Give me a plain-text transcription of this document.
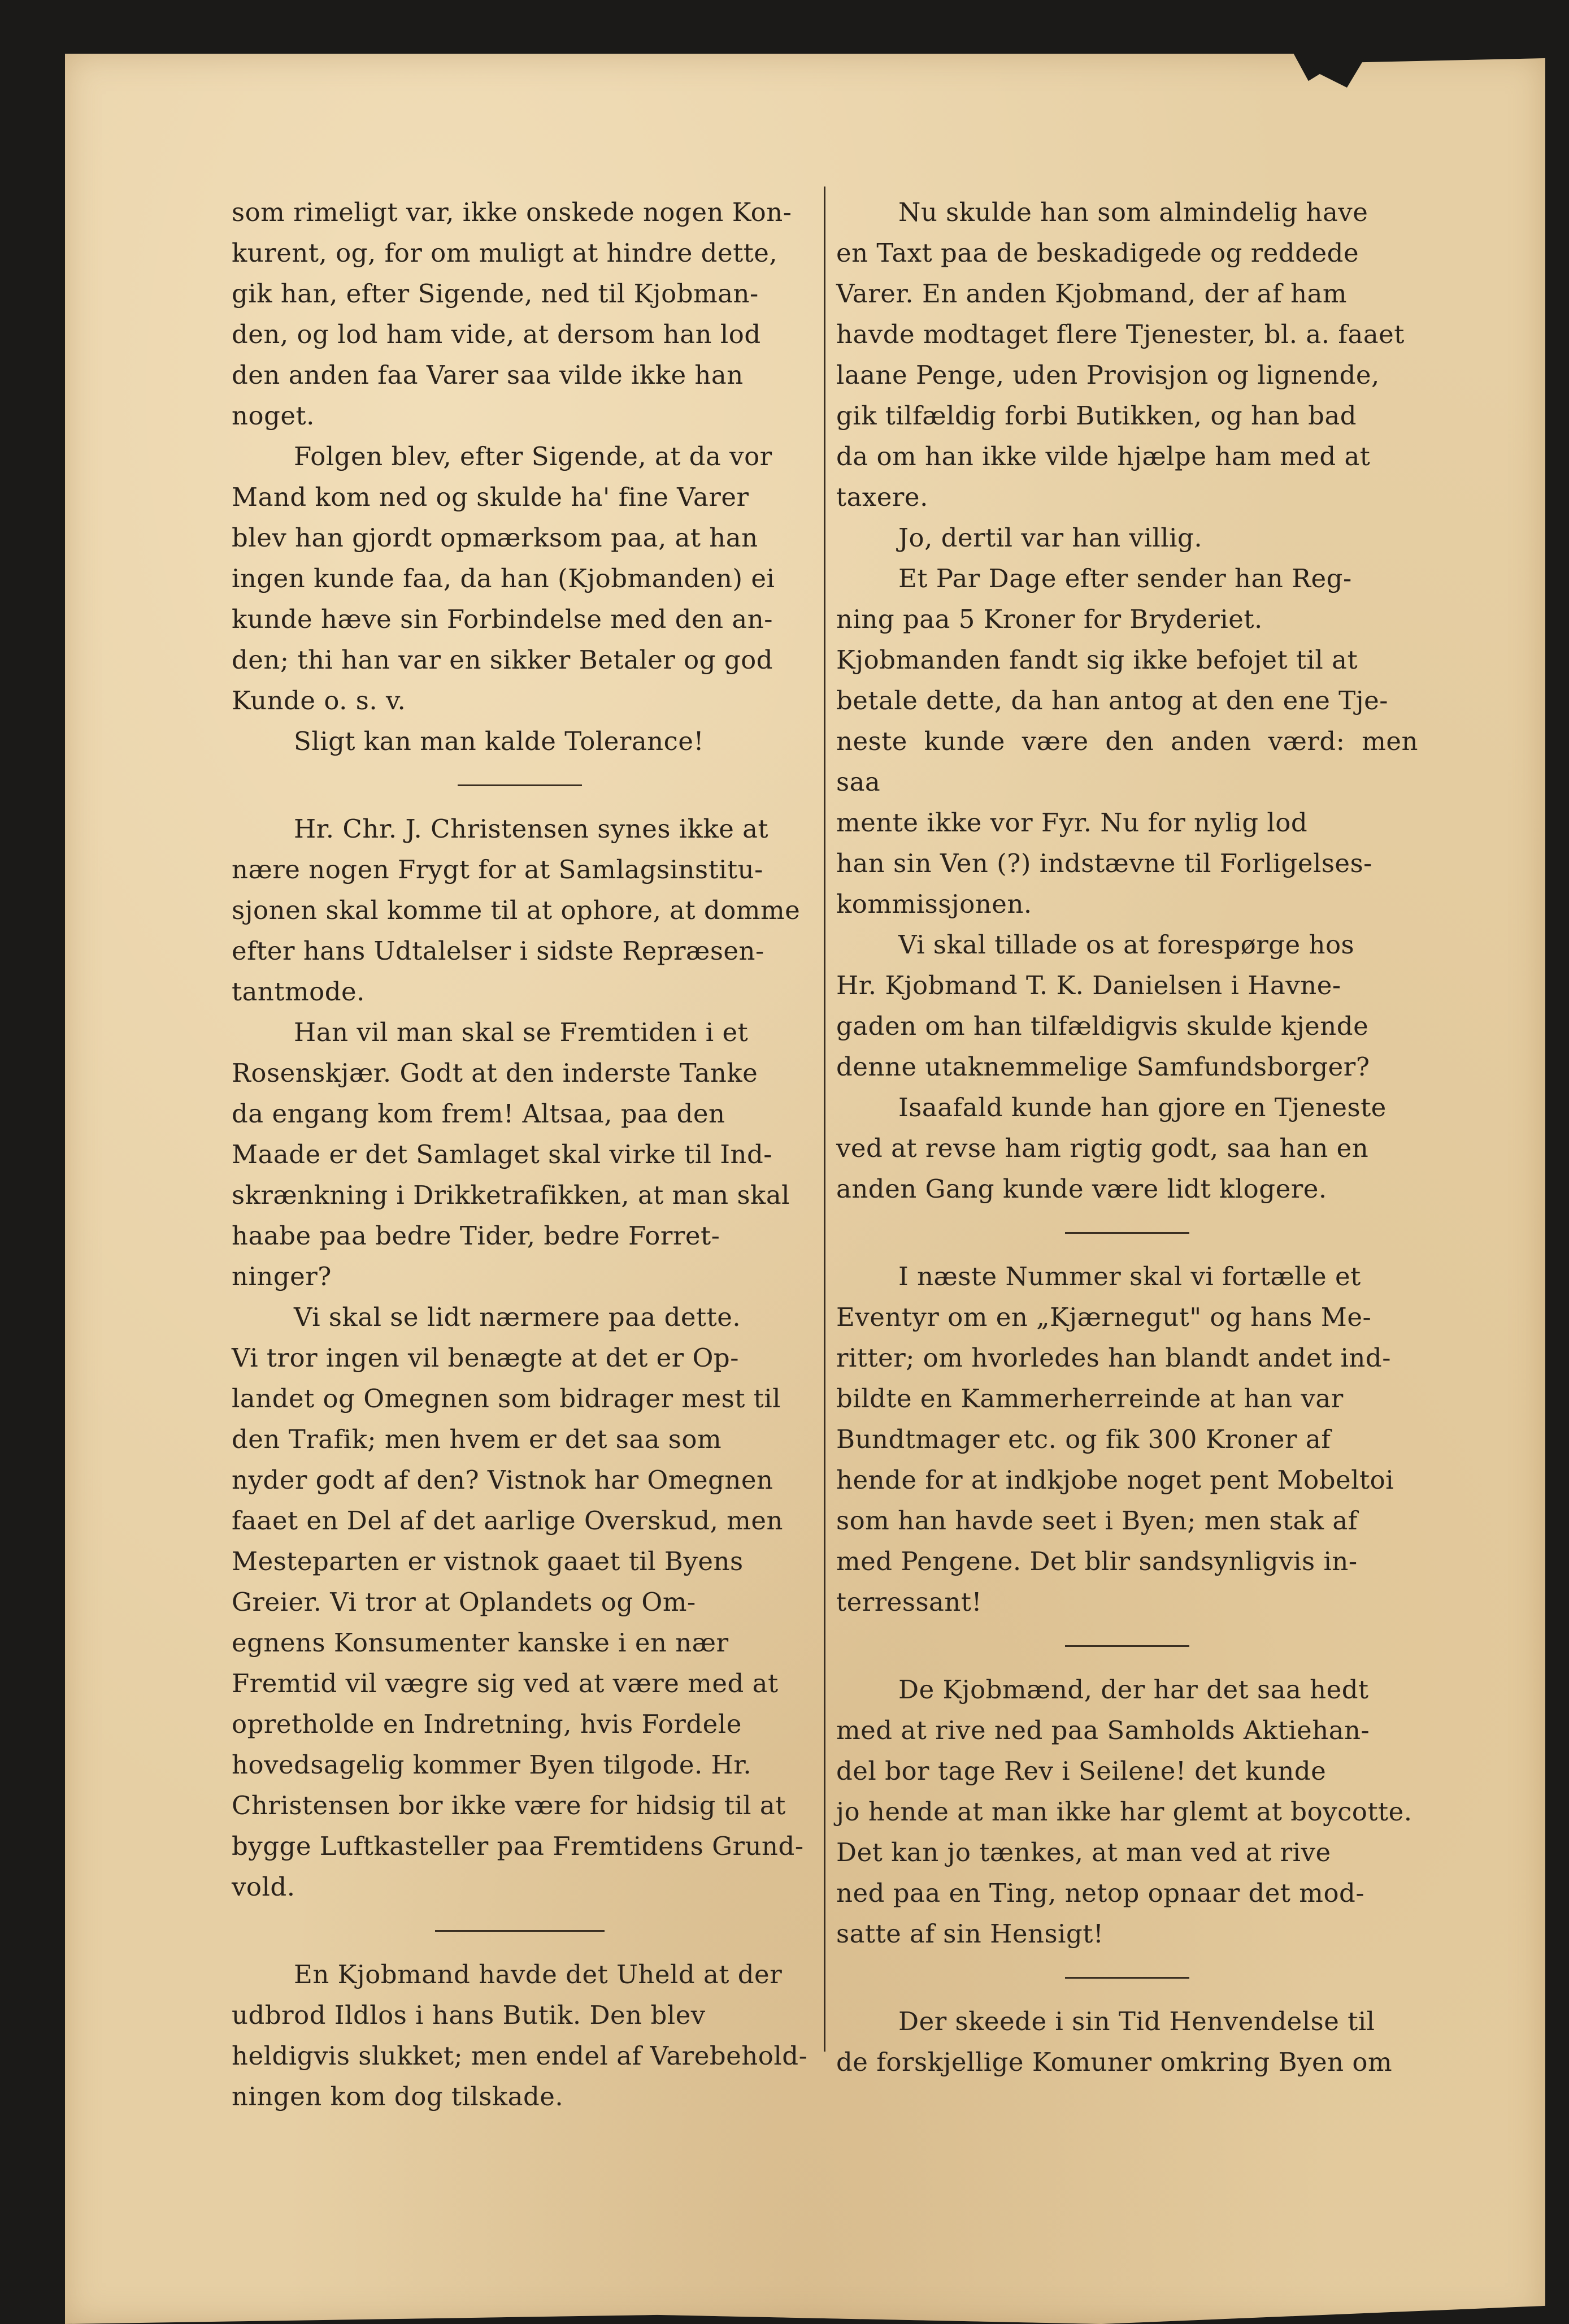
som rimeligt var, ikke onskede nogen Kon-
kurent, og, for om muligt at hindre dette,
gik han, efter Sigende, ned til Kjobman-
den, og lod ham vide, at dersom han lod
den anden faa Varer saa vilde ikke han
noget.

Folgen blev, efter Sigende, at da vor
Mand kom ned og skulde ha' fine Varer
blev han gjordt opmærksom paa, at han
ingen kunde faa, da han (Kjobmanden) ei
kunde hæve sin Forbindelse med den an-
den; thi han var en sikker Betaler og god
Kunde o. s. v.

Sligt kan man kalde Tolerance!

Hr. Chr. J. Christensen synes ikke at
nære nogen Frygt for at Samlagsinstitu-
sjonen skal komme til at ophore, at domme
efter hans Udtalelser i sidste Repræsen-
tantmode.

Han vil man skal se Fremtiden i et
Rosenskjær. Godt at den inderste Tanke
da engang kom frem! Altsaa, paa den
Maade er det Samlaget skal virke til Ind-
skrænkning i Drikketrafikken, at man skal
haabe paa bedre Tider, bedre Forret-
ninger?

Vi skal se lidt nærmere paa dette.
Vi tror ingen vil benægte at det er Op-
landet og Omegnen som bidrager mest til
den Trafik; men hvem er det saa som
nyder godt af den? Vistnok har Omegnen
faaet en Del af det aarlige Overskud, men
Mesteparten er vistnok gaaet til Byens
Greier. Vi tror at Oplandets og Om-
egnens Konsumenter kanske i en nær
Fremtid vil vægre sig ved at være med at
opretholde en Indretning, hvis Fordele
hovedsagelig kommer Byen tilgode. Hr.
Christensen bor ikke være for hidsig til at
bygge Luftkasteller paa Fremtidens Grund-
vold.

En Kjobmand havde det Uheld at der
udbrod Ildlos i hans Butik. Den blev
heldigvis slukket; men endel af Varebehold-
ningen kom dog tilskade.

Nu skulde han som almindelig have
en Taxt paa de beskadigede og reddede
Varer. En anden Kjobmand, der af ham
havde modtaget flere Tjenester, bl. a. faaet
laane Penge, uden Provisjon og lignende,
gik tilfældig forbi Butikken, og han bad
da om han ikke vilde hjælpe ham med at
taxere.

Jo, dertil var han villig.

Et Par Dage efter sender han Reg-
ning paa 5 Kroner for Bryderiet.
Kjobmanden fandt sig ikke befojet til at
betale dette, da han antog at den ene Tje-
neste kunde være den anden værd: men saa
mente ikke vor Fyr. Nu for nylig lod
han sin Ven (?) indstævne til Forligelses-
kommissjonen.

Vi skal tillade os at forespørge hos
Hr. Kjobmand T. K. Danielsen i Havne-
gaden om han tilfældigvis skulde kjende
denne utaknemmelige Samfundsborger?

Isaafald kunde han gjore en Tjeneste
ved at revse ham rigtig godt, saa han en
anden Gang kunde være lidt klogere.

I næste Nummer skal vi fortælle et
Eventyr om en „Kjærnegut" og hans Me-
ritter; om hvorledes han blandt andet ind-
bildte en Kammerherreinde at han var
Bundtmager etc. og fik 300 Kroner af
hende for at indkjobe noget pent Mobeltoi
som han havde seet i Byen; men stak af
med Pengene. Det blir sandsynligvis in-
terressant!

De Kjobmænd, der har det saa hedt
med at rive ned paa Samholds Aktiehan-
del bor tage Rev i Seilene! det kunde
jo hende at man ikke har glemt at boycotte.
Det kan jo tænkes, at man ved at rive
ned paa en Ting, netop opnaar det mod-
satte af sin Hensigt!

Der skeede i sin Tid Henvendelse til
de forskjellige Komuner omkring Byen om
